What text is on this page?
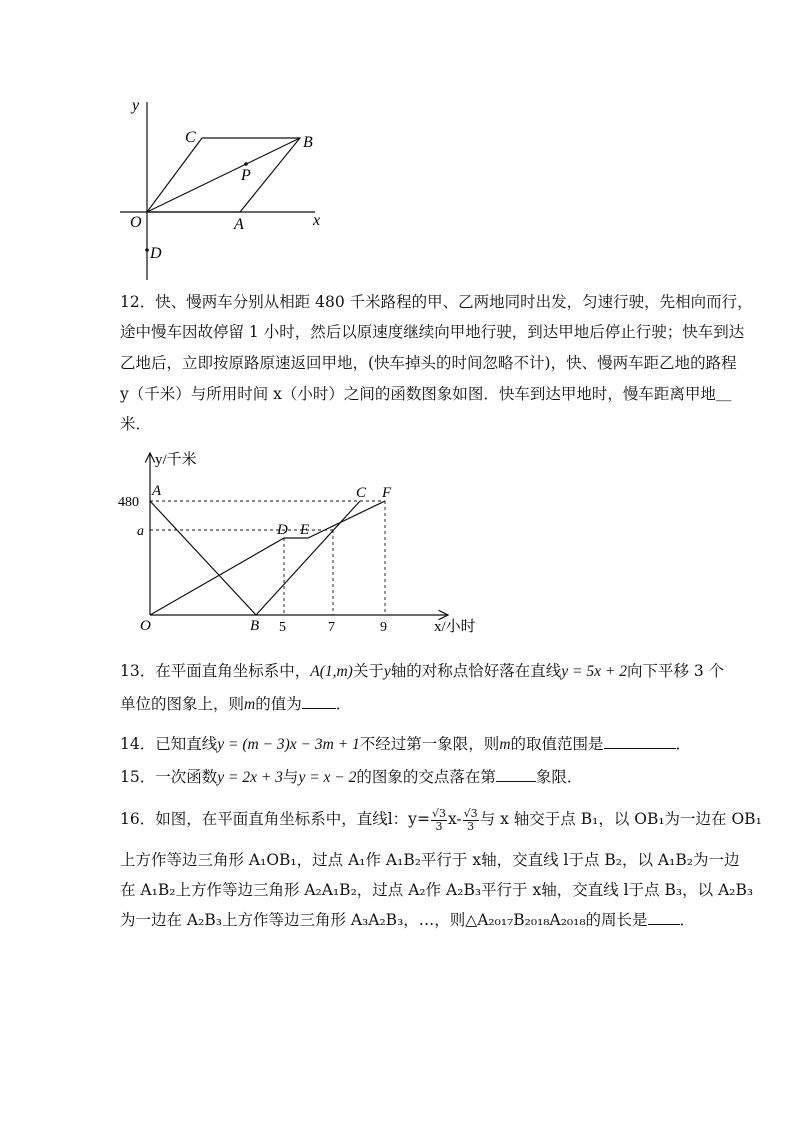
y
x
O	A
B
C
P
D
12．快、慢两车分别从相距 480 千米路程的甲、乙两地同时出发，匀速行驶，先相向而行，
途中慢车因故停留 1 小时，然后以原速度继续向甲地行驶，到达甲地后停止行驶；快车到达
乙地后，立即按原路原速返回甲地，(快车掉头的时间忽略不计)，快、慢两车距乙地的路程
y（千米）与所用时间 x（小时）之间的函数图象如图．快车到达甲地时，慢车距离甲地＿
米．
y/千米
x/小时
480
a
5	7	9
O
A
B
C
D E
F
13．在平面直角坐标系中，A(1,m)关于y轴的对称点恰好落在直线y = 5x + 2向下平移 3 个
单位的图象上，则m的值为 ．
14．已知直线y = (m − 3)x − 3m + 1不经过第一象限，则m的取值范围是	．
15．一次函数y = 2x + 3与y = x − 2的图象的交点落在第	象限．
16．如图，在平面直角坐标系中，直线l：$y= \frac{√3}{3} x- \frac{√3}{3}$ 与 x 轴交于点 B₁，以 OB₁为一边在 OB₁
上方作等边三角形 A₁OB₁，过点 A₁作 A₁B₂平行于 x轴，交直线 l于点 B₂，以 A₁B₂为一边
在 A₁B₂上方作等边三角形 A₂A₁B₂，过点 A₂作 A₂B₃平行于 x轴，交直线 l于点 B₃，以 A₂B₃
为一边在 A₂B₃上方作等边三角形 A₃A₂B₃，…，则△A₂₀₁₇B₂₀₁₈A₂₀₁₈的周长是 ．
